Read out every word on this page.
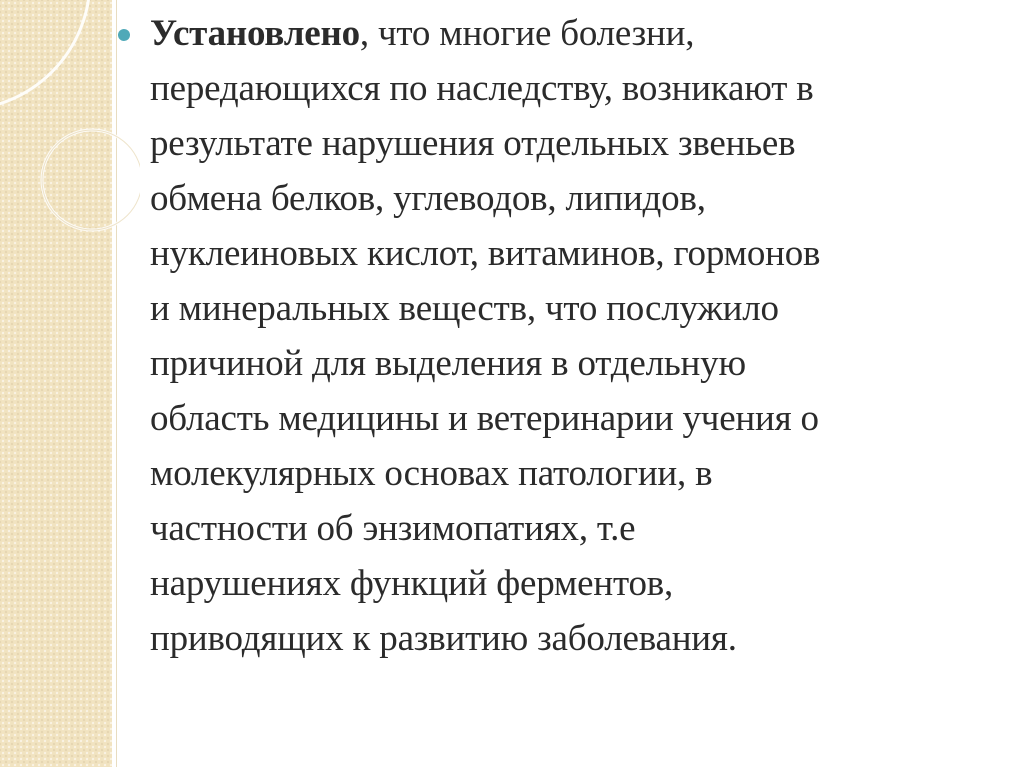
Установлено, что многие болезни,
передающихся по наследству, возникают в
результате нарушения отдельных звеньев
обмена белков, углеводов, липидов,
нуклеиновых кислот, витаминов, гормонов
и минеральных веществ, что послужило
причиной для выделения в отдельную
область медицины и ветеринарии учения о
молекулярных основах патологии, в
частности об энзимопатиях, т.е
нарушениях функций ферментов,
приводящих к развитию заболевания.
